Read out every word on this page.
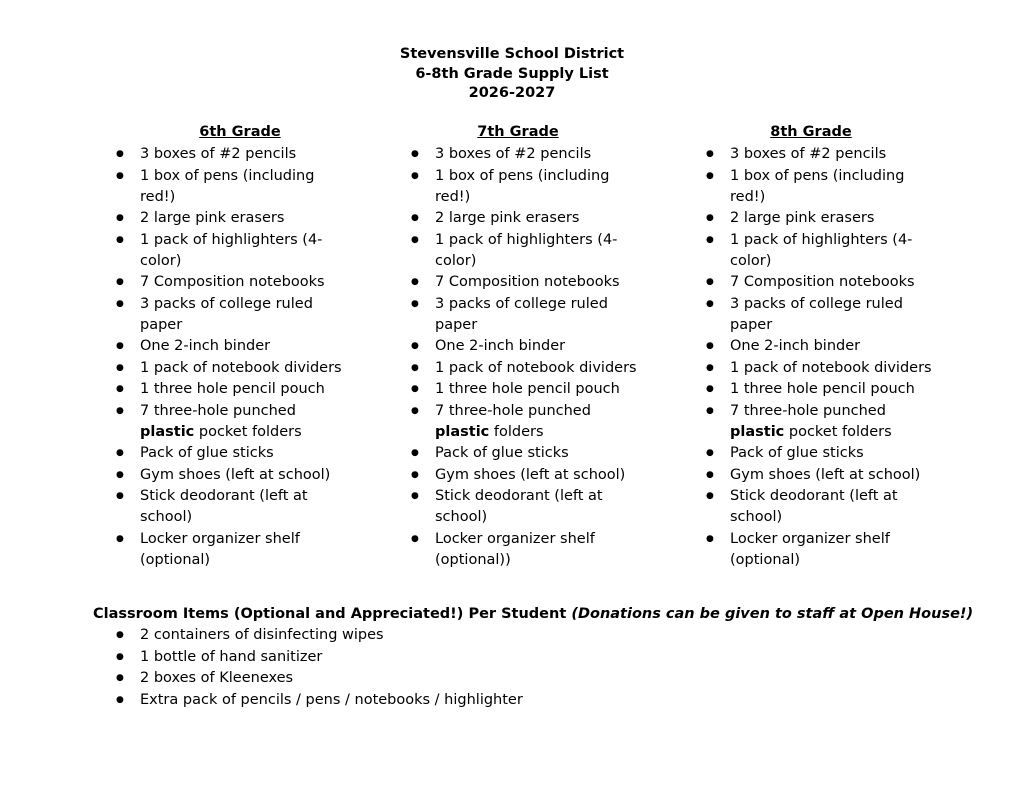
Stevensville School District
6-8th Grade Supply List
2026-2027
6th Grade
● 3 boxes of #2 pencils
● 1 box of pens (including red!)
● 2 large pink erasers
● 1 pack of highlighters (4-color)
● 7 Composition notebooks
● 3 packs of college ruled paper
● One 2-inch binder
● 1 pack of notebook dividers
● 1 three hole pencil pouch
● 7 three-hole punched plastic pocket folders
● Pack of glue sticks
● Gym shoes (left at school)
● Stick deodorant (left at school)
● Locker organizer shelf (optional)
7th Grade
● 3 boxes of #2 pencils
● 1 box of pens (including red!)
● 2 large pink erasers
● 1 pack of highlighters (4-color)
● 7 Composition notebooks
● 3 packs of college ruled paper
● One 2-inch binder
● 1 pack of notebook dividers
● 1 three hole pencil pouch
● 7 three-hole punched plastic folders
● Pack of glue sticks
● Gym shoes (left at school)
● Stick deodorant (left at school)
● Locker organizer shelf (optional))
8th Grade
● 3 boxes of #2 pencils
● 1 box of pens (including red!)
● 2 large pink erasers
● 1 pack of highlighters (4-color)
● 7 Composition notebooks
● 3 packs of college ruled paper
● One 2-inch binder
● 1 pack of notebook dividers
● 1 three hole pencil pouch
● 7 three-hole punched plastic pocket folders
● Pack of glue sticks
● Gym shoes (left at school)
● Stick deodorant (left at school)
● Locker organizer shelf (optional)
Classroom Items (Optional and Appreciated!) Per Student (Donations can be given to staff at Open House!)
● 2 containers of disinfecting wipes
● 1 bottle of hand sanitizer
● 2 boxes of Kleenexes
● Extra pack of pencils / pens / notebooks / highlighter
